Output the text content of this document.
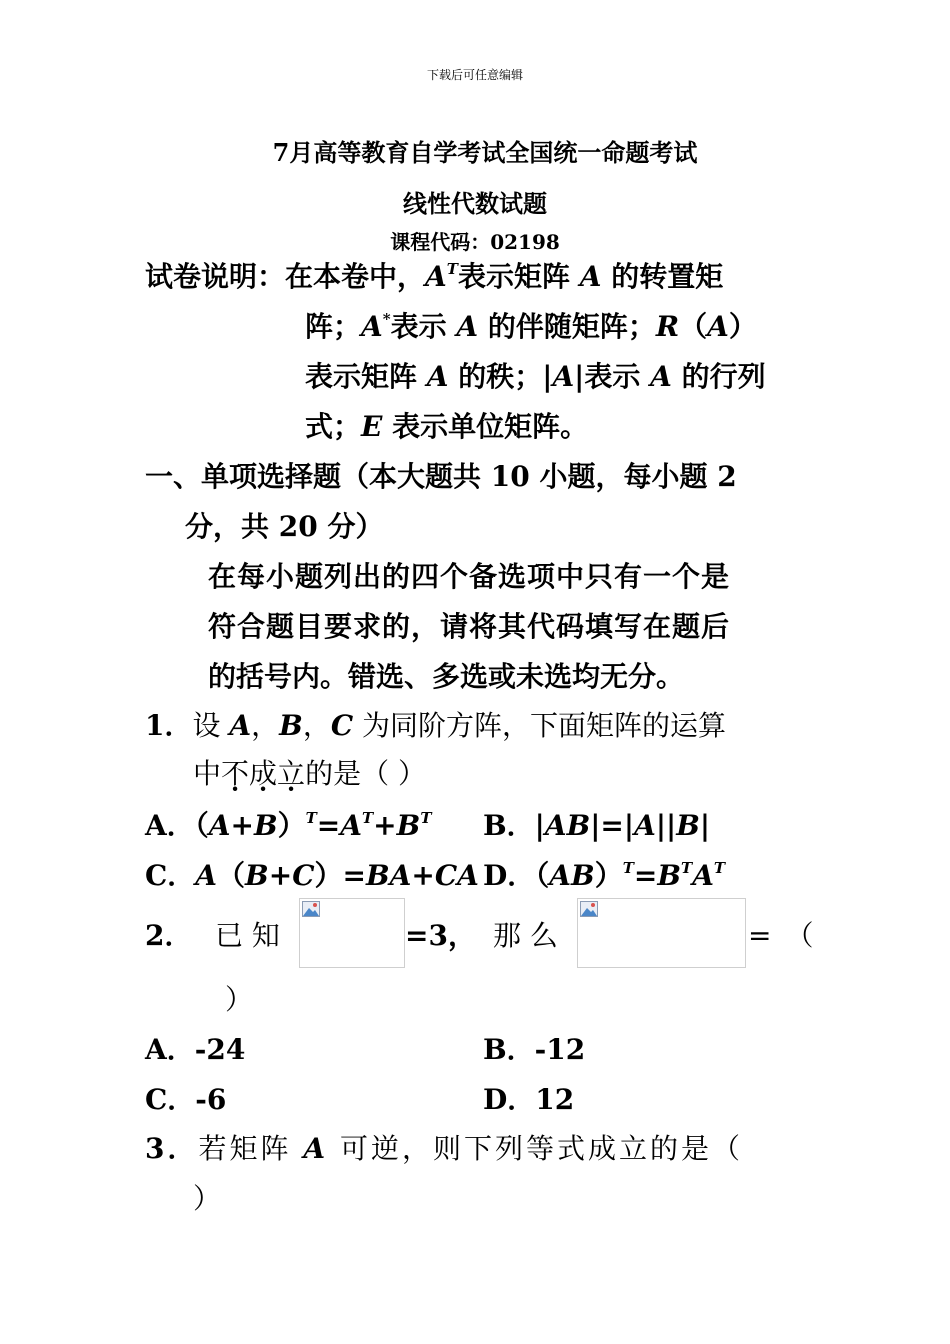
下载后可任意编辑
7月高等教育自学考试全国统一命题考试
线性代数试题
课程代码：02198
试卷说明：在本卷中，$A^T$表示矩阵 A 的转置矩
阵；A*表示 A 的伴随矩阵；R（A）
表示矩阵 A 的秩；|A|表示 A 的行列
式；E 表示单位矩阵。
一、单项选择题（本大题共 10 小题，每小题 2
分，共 20 分）
在每小题列出的四个备选项中只有一个是
符合题目要求的，请将其代码填写在题后
的括号内。错选、多选或未选均无分。
1．设 A，B，C 为同阶方阵，下面矩阵的运算
中不成立的是（ ）
A．$(A+B)^T=A^T+B^T$ B．|AB|=|A||B|
C．A（B+C）=BA+CA D．$(AB)^T=B^TA^T$
2． 已 知	=3， 那 么	=（
）
A．-24	B．-12
C．-6	D．12
3．若矩阵 A 可逆，则下列等式成立的是（
）
